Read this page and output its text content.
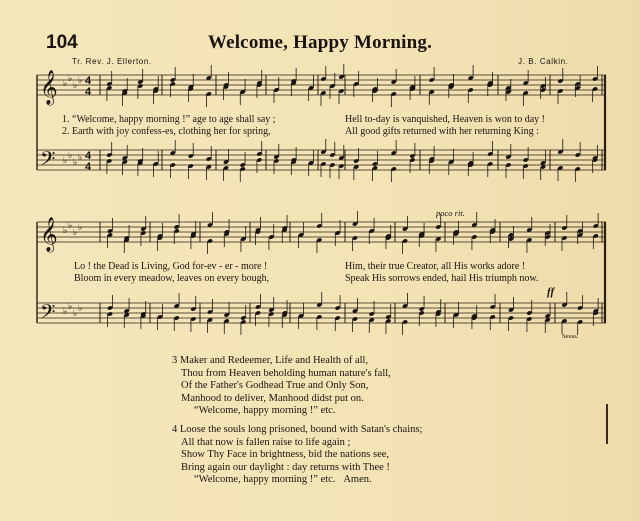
104	Welcome, Happy Morning.
Tr. Rev. J. Ellerton.	J. B. Calkin.
𝄞
𝄢
𝄞
𝄢
♭ ♭
♭ ♭
♭ ♭
♭ ♭
♭ ♭
♭ ♭
♭ ♭
♭ ♭
4
4
4
4
poco rit.
ff
Seuss.
1. “Welcome, happy morning !” age to age shall say ;	Hell to-day is vanquished, Heaven is won to day !
2. Earth with joy confess-es, clothing her for spring,	All good gifts returned with her returning King :
Lo ! the Dead is Living, God for-ev - er - more !	Him, their true Creator, all His works adore !
Bloom in every meadow, leaves on every bough,	Speak His sorrows ended, hail His triumph now.
3 Maker and Redeemer, Life and Health of all,
Thou from Heaven beholding human nature's fall,
Of the Father's Godhead True and Only Son,
Manhood to deliver, Manhood didst put on.
“Welcome, happy morning !” etc.
4 Loose the souls long prisoned, bound with Satan's chains;
All that now is fallen raise to life again ;
Show Thy Face in brightness, bid the nations see,
Bring again our daylight : day returns with Thee !
“Welcome, happy morning !” etc. Amen.
